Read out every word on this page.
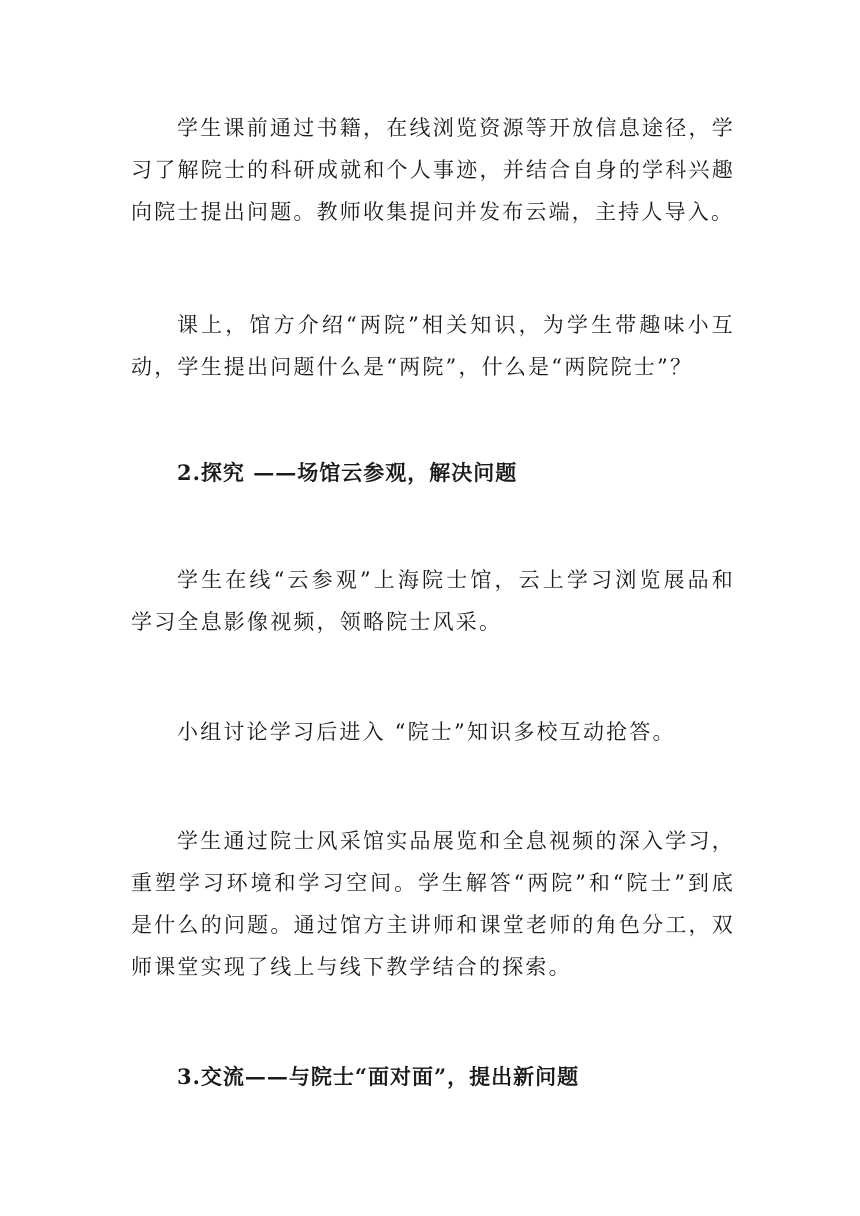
学生课前通过书籍，在线浏览资源等开放信息途径，学习了解院士的科研成就和个人事迹，并结合自身的学科兴趣向院士提出问题。教师收集提问并发布云端，主持人导入。

课上，馆方介绍“两院”相关知识，为学生带趣味小互动，学生提出问题什么是“两院”，什么是“两院院士”？

2.探究 ——场馆云参观，解决问题

学生在线“云参观”上海院士馆，云上学习浏览展品和学习全息影像视频，领略院士风采。

小组讨论学习后进入 “院士”知识多校互动抢答。

学生通过院士风采馆实品展览和全息视频的深入学习，重塑学习环境和学习空间。学生解答“两院”和“院士”到底是什么的问题。通过馆方主讲师和课堂老师的角色分工，双师课堂实现了线上与线下教学结合的探索。

3.交流——与院士“面对面”，提出新问题
